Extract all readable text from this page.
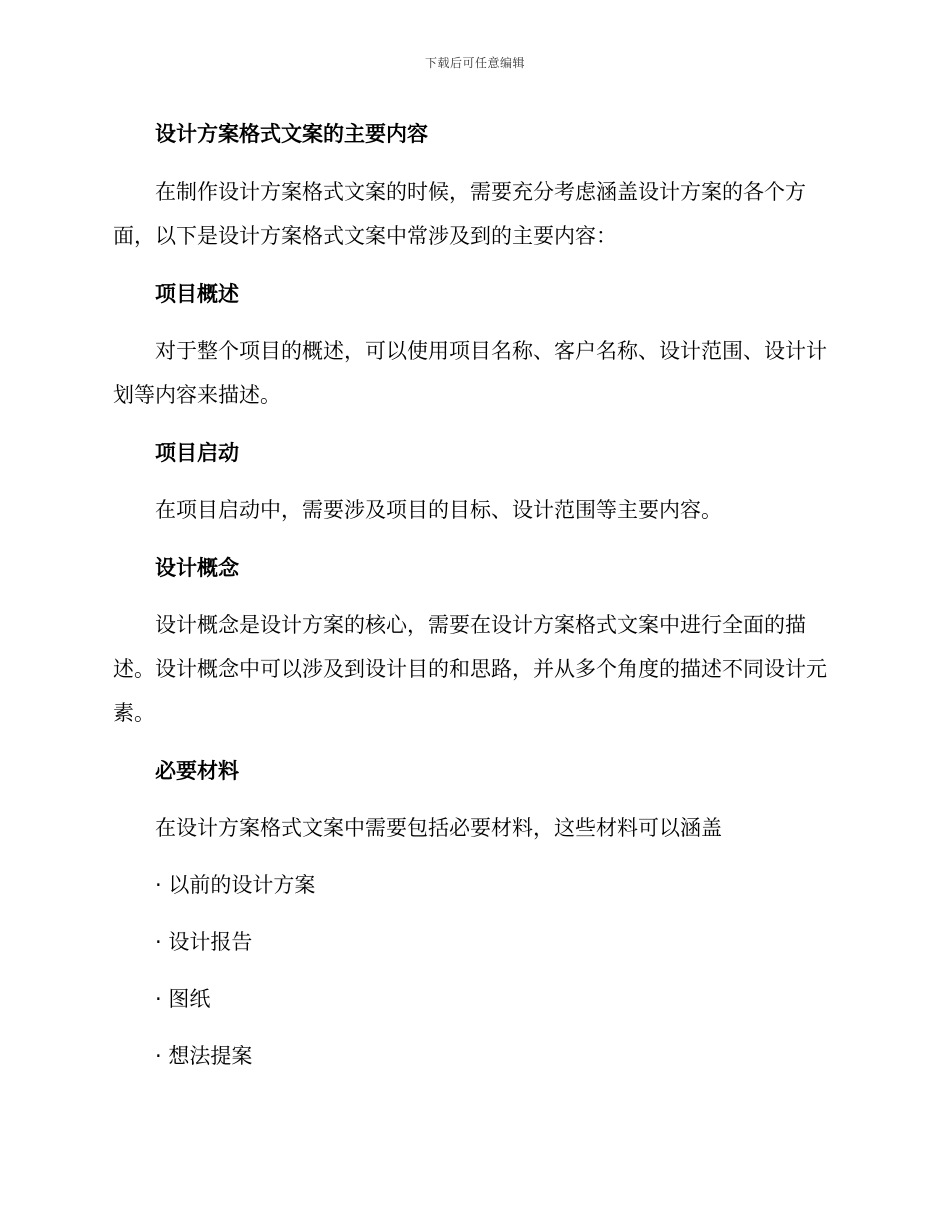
下载后可任意编辑

设计方案格式文案的主要内容

在制作设计方案格式文案的时候，需要充分考虑涵盖设计方案的各个方面，以下是设计方案格式文案中常涉及到的主要内容：

项目概述

对于整个项目的概述，可以使用项目名称、客户名称、设计范围、设计计划等内容来描述。

项目启动

在项目启动中，需要涉及项目的目标、设计范围等主要内容。

设计概念

设计概念是设计方案的核心，需要在设计方案格式文案中进行全面的描述。设计概念中可以涉及到设计目的和思路，并从多个角度的描述不同设计元素。

必要材料

在设计方案格式文案中需要包括必要材料，这些材料可以涵盖

· 以前的设计方案

· 设计报告

· 图纸

· 想法提案
